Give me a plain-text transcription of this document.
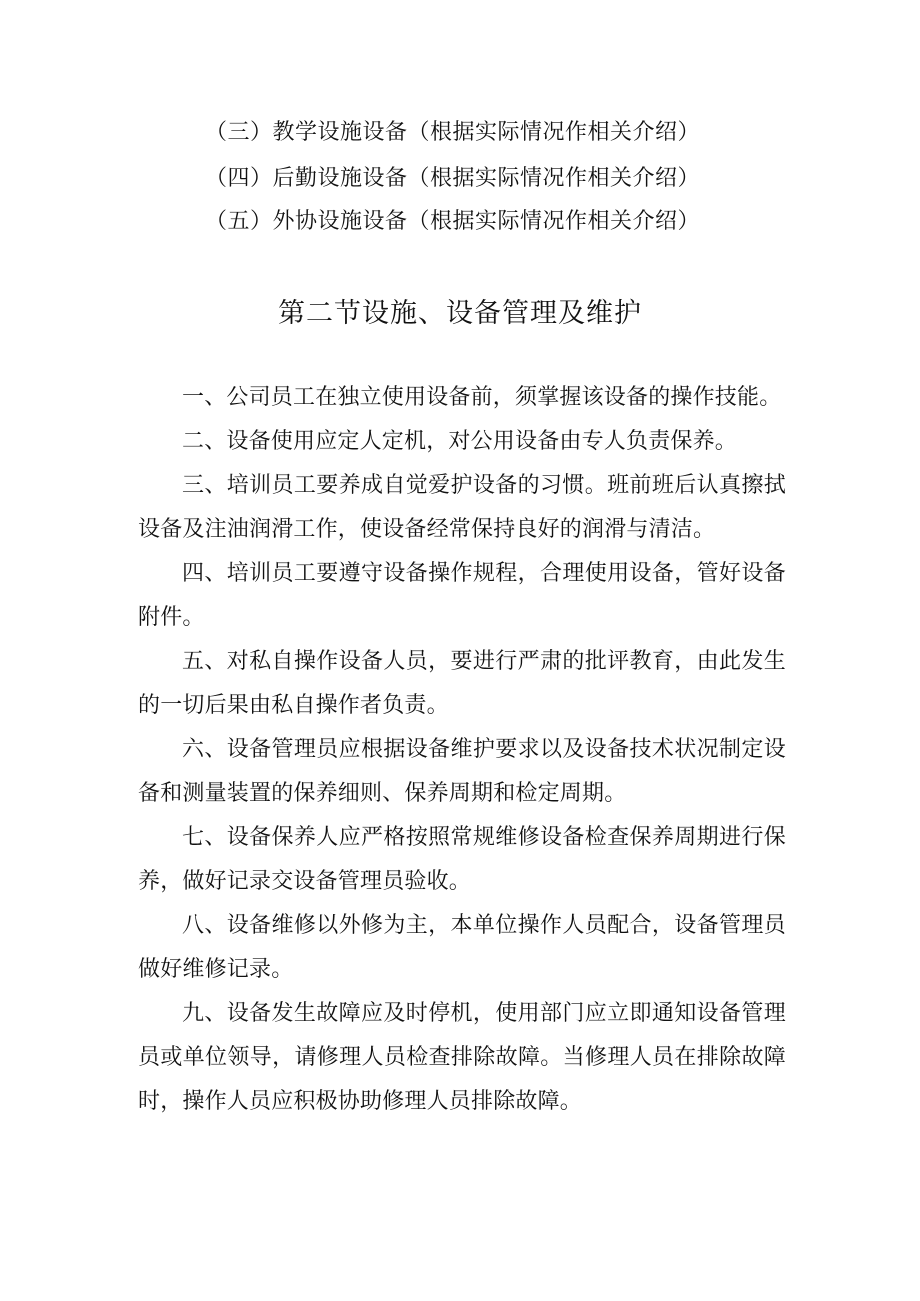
（三）教学设施设备（根据实际情况作相关介绍）
（四）后勤设施设备（根据实际情况作相关介绍）
（五）外协设施设备（根据实际情况作相关介绍）
第二节设施、设备管理及维护

一、公司员工在独立使用设备前，须掌握该设备的操作技能。

二、设备使用应定人定机，对公用设备由专人负责保养。

三、培训员工要养成自觉爱护设备的习惯。班前班后认真擦拭设备及注油润滑工作，使设备经常保持良好的润滑与清洁。

四、培训员工要遵守设备操作规程，合理使用设备，管好设备附件。

五、对私自操作设备人员，要进行严肃的批评教育，由此发生的一切后果由私自操作者负责。

六、设备管理员应根据设备维护要求以及设备技术状况制定设备和测量装置的保养细则、保养周期和检定周期。

七、设备保养人应严格按照常规维修设备检查保养周期进行保养，做好记录交设备管理员验收。

八、设备维修以外修为主，本单位操作人员配合，设备管理员做好维修记录。

九、设备发生故障应及时停机，使用部门应立即通知设备管理员或单位领导，请修理人员检查排除故障。当修理人员在排除故障时，操作人员应积极协助修理人员排除故障。
